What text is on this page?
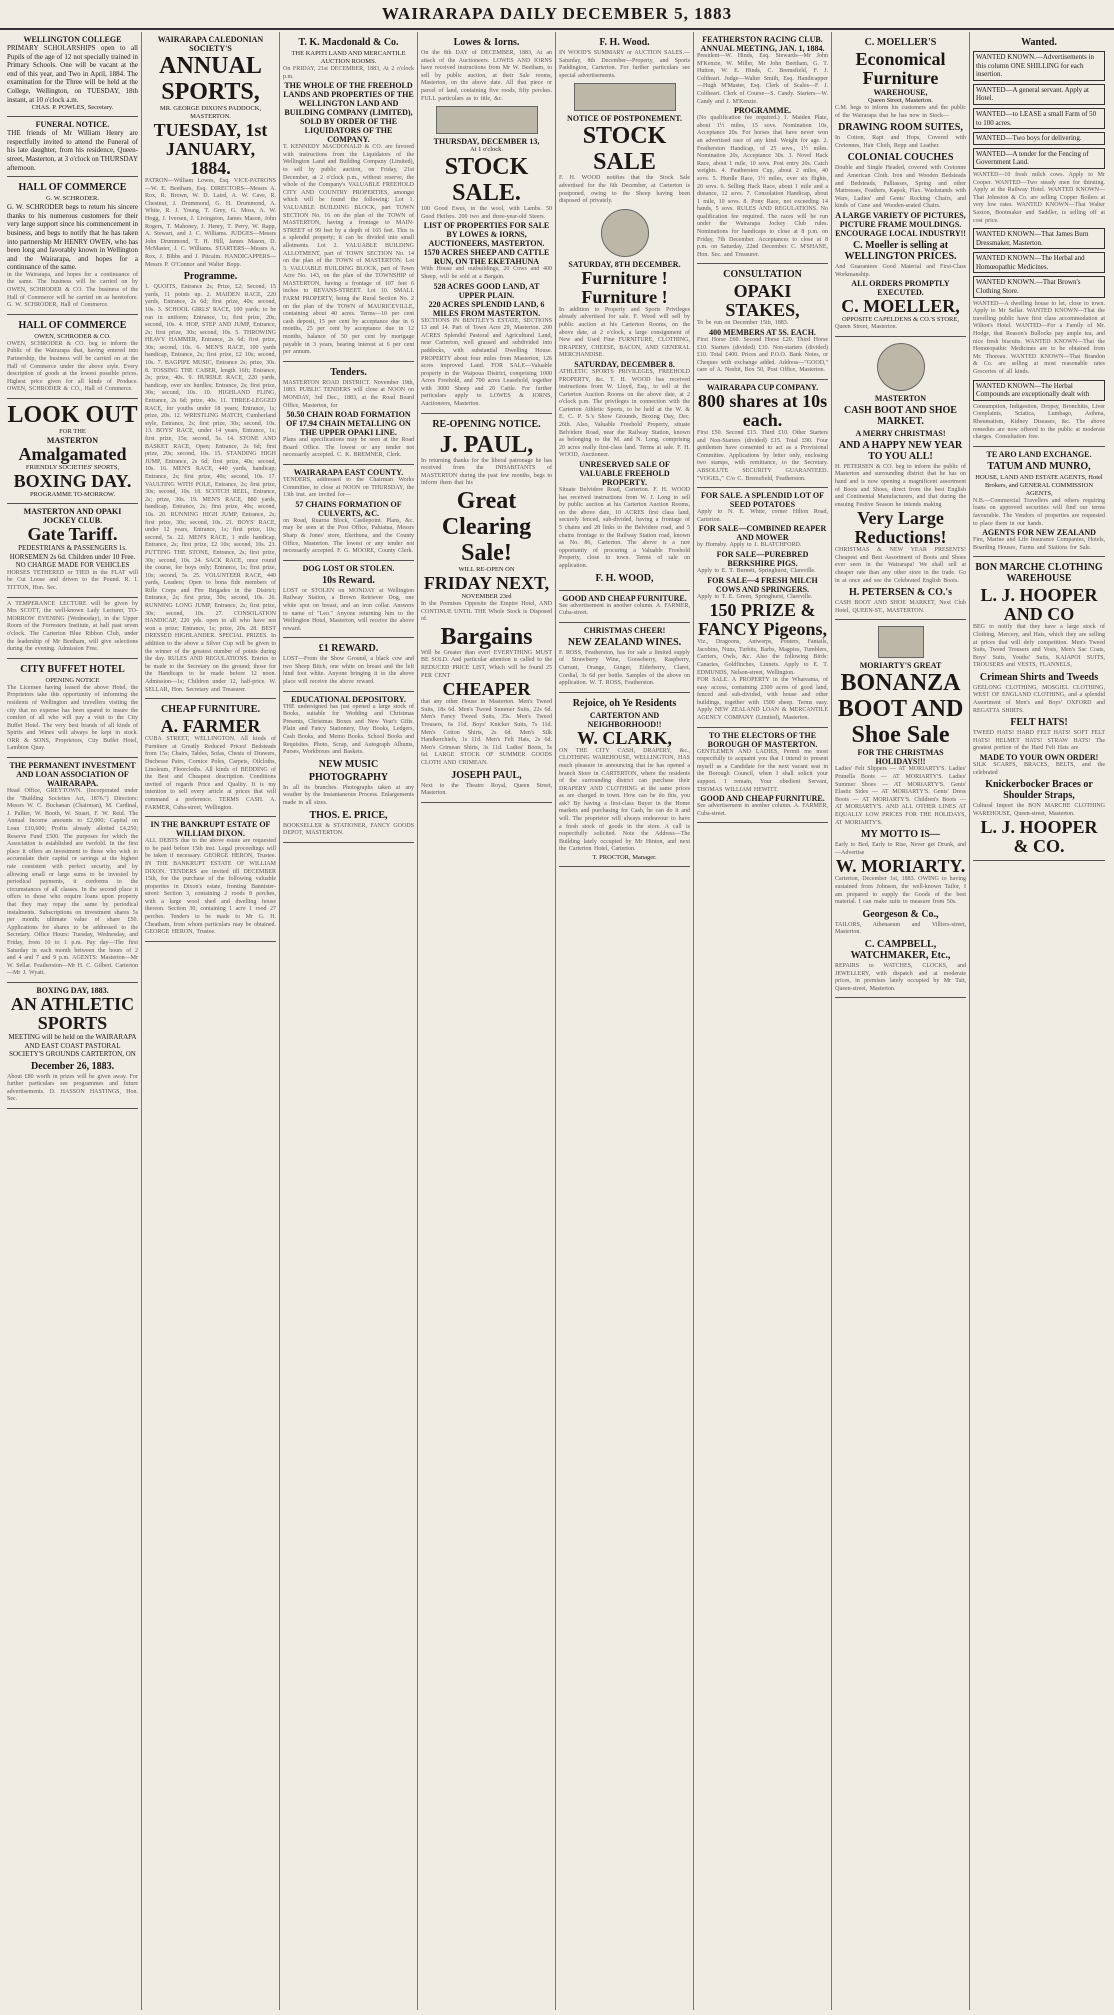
WAIRARAPA DAILY DECEMBER 5, 1883
WELLINGTON COLLEGE
PRIMARY SCHOLARSHIPS open to all Pupils of the age of 12 not specially trained in Primary Schools. One will be vacant at the end of this year, and Two in April, 1884. The examination for the Three will be held at the College, Wellington, on TUESDAY, 18th instant, at 10 o'clock a.m.
CHAS. P. POWLES, Secretary.
FUNERAL NOTICE.
THE friends of Mr William Henry are respectfully invited to attend the Funeral of his late daughter, from his residence, Queen-street, Masterton, at 3 o'clock on THURSDAY afternoon.
HALL OF COMMERCE
G. W. SCHRODER.
G. W. SCHRODER begs to return his sincere thanks to his numerous customers for their very large support since his commencement in business, and begs to notify that he has taken into partnership Mr HENRY OWEN, who has been long and favorably known in Wellington and the Wairarapa, and hopes for a continuance of the same.
in the Wairarapa, and hopes for a continuance of the same. The business will be carried on by OWEN, SCHRODER & CO. The business of the Hall of Commerce will be carried on as heretofore. G. W. SCHRODER, Hall of Commerce.
HALL OF COMMERCE
OWEN, SCHRODER & CO.
OWEN, SCHRODER & CO. beg to inform the Public of the Wairarapa that, having entered into Partnership, the business will be carried on at the Hall of Commerce under the above style. Every description of goods at the lowest possible prices. Highest price given for all kinds of Produce. OWEN, SCHRODER & CO., Hall of Commerce.
LOOK OUT
FOR THE
MASTERTON
Amalgamated
FRIENDLY SOCIETIES' SPORTS,
BOXING DAY.
PROGRAMME TO-MORROW.
MASTERTON AND OPAKI JOCKEY CLUB.
Gate Tariff.
PEDESTRIANS & PASSENGERS 1s. HORSEMEN 2s 6d. Children under 10 Free. NO CHARGE MADE FOR VEHICLES
HORSES TETHERED or TIED in the FLAT will be Cut Loose and driven to the Pound. R. I. TITTON, Hon. Sec.
A TEMPERANCE LECTURE will be given by Mrs SCOTT, the well-known Lady Lecturer, TO-MORROW EVENING (Wednesday), in the Upper Room of the Forresters Institute, at half past seven o'clock. The Carterton Blue Ribbon Club, under the leadership of Mr Beetham, will give selections during the evening. Admission Free.
CITY BUFFET HOTEL
OPENING NOTICE
The Licensee having leased the above Hotel, the Proprietors take this opportunity of informing the residents of Wellington and travellers visiting the city that no expense has been spared to insure the comfort of all who will pay a visit to the City Buffet Hotel. The very best brands of all kinds of Spirits and Wines will always be kept in stock. ORR & SONS, Proprietors, City Buffet Hotel, Lambton Quay.
THE PERMANENT INVESTMENT AND LOAN ASSOCIATION OF WAIRARAPA.
Head Office, GREYTOWN. (Incorporated under the "Building Societies Act, 1876.") Directors: Messrs W. C. Buchanan (Chairman), M. Cardinal, J. Pallier, W. Booth, W. Stuart, F. W. Reid. The Annual Income amounts to £2,000; Capital on Loan £10,600; Profits already allotted £4,250; Reserve Fund £500. The purposes for which the Association is established are twofold. In the first place it offers an investment to those who wish to accumulate their capital or savings at the highest rate consistent with perfect security, and by allowing small or large sums to be invested by periodical payments, it conforms to the circumstances of all classes. In the second place it offers to those who require loans upon property that they may repay the same by periodical instalments. Subscriptions on investment shares 5s per month; ultimate value of share £50. Applications for shares to be addressed to the Secretary. Office Hours: Tuesday, Wednesday, and Friday, from 10 to 1 p.m. Pay day—The first Saturday in each month between the hours of 2 and 4 and 7 and 9 p.m. AGENTS: Masterton—Mr W. Sellar. Featherston—Mr H. C. Gilbert. Carterton—Mr J. Wyatt.
BOXING DAY, 1883.
AN ATHLETIC SPORTS
MEETING will be held on the WAIRARAPA AND EAST COAST PASTORAL SOCIETY'S GROUNDS CARTERTON, ON
December 26, 1883.
About £80 worth in prizes will be given away. For further particulars see programmes and future advertisements. D. HASSON HASTINGS, Hon. Sec.
WAIRARAPA CALEDONIAN SOCIETY'S
ANNUAL SPORTS,
MR. GEORGE DIXON'S PADDOCK, MASTERTON.
TUESDAY, 1st JANUARY, 1884.
PATRON—William Lowes, Esq. VICE-PATRONS—W. E. Beetham, Esq. DIRECTORS—Messrs A. Rox, R. Brown, W. D. Laird, A. W. Cave, R. Chestnut, J. Drummond, G. H. Drummond, A. White, R. J. Young, T. Grey, G. Moss, A. W. Hogg, J. Iversen, J. Livingston, James Mason, John Rogers, T. Mahoney, J. Henry, T. Perry, W. Rapp, A. Stewart, and J. C. Williams. JUDGES—Messrs John Drummond, T. H. Hill, James Mason, D. McMaster, J. C. Williams. STARTERS—Messrs A. Rox, J. Bibbs and J. Pitcaim. HANDICAPPERS—Messrs P. O'Connor and Walter Bopp.
Programme.
1. QUOITS, Entrance 2s; Prize, £2; Second, 15 yards, 11 points up. 2. MAIDEN RACE, 220 yards, Entrance, 2s 6d; first prize, 40s; second, 10s. 3. SCHOOL GIRLS' RACE, 100 yards; to be run in uniform; Entrance, 1s; first prize, 20s; second, 10s. 4. HOP, STEP AND JUMP, Entrance, 2s; first prize, 30s; second, 10s. 5. THROWING HEAVY HAMMER, Entrance, 2s 6d; first prize, 30s; second, 10s. 6. MEN'S RACE, 100 yards handicap, Entrance, 2s; first prize, £2 10s; second, 10s. 7. BAGPIPE MUSIC, Entrance 2s; prize, 30s. 8. TOSSING THE CABER, length 16ft; Entrance, 2s; prize, 40s. 9. HURDLE RACE, 220 yards, handicap, over six hurdles; Entrance, 2s; first prize, 30s; second, 10s. 10. HIGHLAND FLING, Entrance, 2s 6d; prize, 40s. 11. THREE-LEGGED RACE, for youths under 18 years; Entrance, 1s; prize, 20s. 12. WRESTLING MATCH, Cumberland style, Entrance, 2s; first prize, 30s; second, 10s. 13. BOYS' RACE, under 14 years, Entrance, 1s; first prize, 15s; second, 5s. 14. STONE AND BASKET RACE, Open; Entrance, 2s 6d; first prize, 20s; second, 10s. 15. STANDING HIGH JUMP, Entrance, 2s 6d; first prize, 40s; second, 10s. 16. MEN'S RACE, 440 yards, handicap; Entrance, 2s; first prize, 40s; second, 10s. 17. VAULTING WITH POLE, Entrance, 2s; first prize, 30s; second, 10s. 18. SCOTCH REEL, Entrance, 2s; prize, 30s. 19. MEN'S RACE, 880 yards, handicap, Entrance, 2s; first prize, 40s; second, 10s. 20. RUNNING HIGH JUMP, Entrance, 2s; first prize, 30s; second, 10s. 21. BOYS' RACE, under 12 years, Entrance, 1s; first prize, 10s; second, 5s. 22. MEN'S RACE, 1 mile handicap, Entrance, 2s; first prize, £2 10s; second, 10s. 23. PUTTING THE STONE, Entrance, 2s; first prize, 30s; second, 10s. 24. SACK RACE, once round the course, for boys only; Entrance, 1s; first prize, 10s; second, 5s. 25. VOLUNTEER RACE, 440 yards, Leaders; Open to bona fide members of Rifle Corps and Fire Brigades in the District; Entrance, 2s; first prize, 30s; second, 10s. 26. RUNNING LONG JUMP, Entrance, 2s; first prize, 30s; second, 10s. 27. CONSOLATION HANDICAP, 220 yds. open to all who have not won a prize; Entrance, 1s; prize, 20s. 28. BEST DRESSED HIGHLANDER. SPECIAL PRIZES. In addition to the above a Silver Cup will be given to the winner of the greatest number of points during the day. RULES AND REGULATIONS. Entries to be made to the Secretary on the ground; those for the Handicaps to be made before 12 noon. Admission—1s; Children under 12, half-price. W. SELLAR, Hon. Secretary and Treasurer.
CHEAP FURNITURE.
A. FARMER
CUBA STREET, WELLINGTON. All kinds of Furniture at Greatly Reduced Prices! Bedsteads from 15s; Chairs, Tables, Sofas, Chests of Drawers, Duchesse Pairs, Cornice Poles, Carpets, Oilcloths, Linoleum, Floorcloths. All kinds of BEDDING of the Best and Cheapest description. Conditions invited of regards Price and Quality. It is my intention to sell every article at prices that will command a preference. TERMS CASH. A. FARMER, Cuba-street, Wellington.
IN THE BANKRUPT ESTATE OF WILLIAM DIXON.
ALL DEBTS due to the above estate are requested to be paid before 15th inst. Legal proceedings will be taken if necessary. GEORGE HERON, Trustee. IN THE BANKRUPT ESTATE OF WILLIAM DIXON. TENDERS are invited till DECEMBER 15th, for the purchase of the following valuable properties in Dixon's estate, fronting Bannister-street: Section 3, containing 2 roods 8 perches, with a large wool shed and dwelling house thereon. Section 30, containing 1 acre 1 rood 27 perches. Tenders to be made to Mr G. H. Cheatham, from whom particulars may be obtained. GEORGE HERON, Trustee.
T. K. Macdonald & Co.
THE KAPITI LAND AND MERCANTILE AUCTION ROOMS.
On FRIDAY, 21st DECEMBER, 1883, At 2 o'clock p.m.
THE WHOLE OF THE FREEHOLD LANDS AND PROPERTIES OF THE WELLINGTON LAND AND BUILDING COMPANY (LIMITED), SOLD BY ORDER OF THE LIQUIDATORS OF THE COMPANY.
T. KENNEDY MACDONALD & CO. are favored with instructions from the Liquidators of the Wellington Land and Building Company (Limited), to sell by public auction, on Friday, 21st December, at 2 o'clock p.m., without reserve, the whole of the Company's VALUABLE FREEHOLD CITY AND COUNTRY PROPERTIES, amongst which will be found the following: Lot 1. VALUABLE BUILDING BLOCK, part TOWN SECTION No. 16 on the plan of the TOWN of MASTERTON, having a frontage to MAIN-STREET of 99 feet by a depth of 165 feet. This is a splendid property; it can be divided into small allotments. Lot 2. VALUABLE BUILDING ALLOTMENT, part of TOWN SECTION No. 14 on the plan of the TOWN of MASTERTON. Lot 3. VALUABLE BUILDING BLOCK, part of Town Acre No. 143, on the plan of the TOWNSHIP of MASTERTON, having a frontage of 107 feet 6 inches to REVANS-STREET. Lot 10. SMALL FARM PROPERTY, being the Rural Section No. 2 on the plan of the TOWN of MAURICEVILLE, containing about 40 acres. Terms—10 per cent cash deposit, 15 per cent by acceptance due in 6 months, 25 per cent by acceptance due in 12 months, balance of 50 per cent by mortgage payable in 3 years, bearing interest at 6 per cent per annum.
Tenders.
MASTERTON ROAD DISTRICT. November 19th, 1883. PUBLIC TENDERS will close at NOON on MONDAY, 3rd Dec., 1883, at the Road Board Office, Masterton, for
50.50 CHAIN ROAD FORMATION OF 17.94 CHAIN METALLING ON THE UPPER OPAKI LINE.
Plans and specifications may be seen at the Road Board Office. The lowest or any tender not necessarily accepted. C. K. BREMNER, Clerk.
WAIRARAPA EAST COUNTY.
TENDERS, addressed to the Chairman Works Committee, to close at NOON on THURSDAY, the 13th inst. are invited for—
57 CHAINS FORMATION OF CULVERTS, &C.
on Road, Ruaroa Block, Castlepoint. Plans, &c. may be seen at the Post Office, Pahiatua, Messrs Sharp & Jones' store, Ekethuna, and the County Office, Masterton. The lowest or any tender not necessarily accepted. F. G. MOORE, County Clerk.
DOG LOST OR STOLEN.
10s Reward.
LOST or STOLEN on MONDAY at Wellington Railway Station, a Brown Retriever Dog, one white spot on breast, and an iron collar. Answers to name of "Leo." Anyone returning him to the Wellington Hotel, Masterton, will receive the above reward.
£1 REWARD.
LOST—From the Show Ground, a black cow and two Sheep Bitch, one white on breast and the left hind foot white. Anyone bringing it to the above place will receive the above reward.
EDUCATIONAL DEPOSITORY.
THE undersigned has just opened a large stock of Books, suitable for Wedding and Christmas Presents, Christmas Boxes and New Year's Gifts. Plain and Fancy Stationery, Day Books, Ledgers, Cash Books, and Memo Books. School Books and Requisites. Photo, Scrap, and Autograph Albums, Purses, Workboxes and Baskets.
NEW MUSIC
PHOTOGRAPHY
In all its branches. Photographs taken at any weather by the Instantaneous Process. Enlargements made in all sizes.
THOS. E. PRICE,
BOOKSELLER & STATIONER, FANCY GOODS DEPOT, MASTERTON.
Lowes & Iorns.
On the 8th DAY of DECEMBER, 1883, At an attack of the Auctioneers. LOWES AND IORNS have received instructions from Mr W. Beetham, to sell by public auction, at their Sale rooms, Masterton, on the above date. All that piece or parcel of land, containing five roods, fifty perches. FULL particulars as to title, &c.
THURSDAY, DECEMBER 13,
At 1 o'clock.
STOCK SALE.
100 Good Ewes, in the wool, with Lambs. 50 Good Heifers. 200 two and three-year-old Steers.
LIST OF PROPERTIES FOR SALE BY LOWES & IORNS, AUCTIONEERS, MASTERTON.
1570 ACRES SHEEP AND CATTLE RUN, ON THE EKETAHUNA
With House and outbuildings, 20 Cows and 400 Sheep, will be sold at a Bargain.
528 ACRES GOOD LAND, AT UPPER PLAIN.
220 ACRES SPLENDID LAND, 6 MILES FROM MASTERTON.
SECTIONS IN BENTLEY'S ESTATE, SECTIONS 13 and 14. Part of Town Acre 29, Masterton. 200 ACRES Splendid Pastoral and Agricultural Land, near Carterton, well grassed and subdivided into paddocks, with substantial Dwelling House. PROPERTY about four miles from Masterton, 126 acres improved Land. FOR SALE—Valuable property in the Waipoua District, comprising 1000 Acres Freehold, and 700 acres Leasehold, together with 3000 Sheep and 20 Cattle. For further particulars apply to LOWES & IORNS, Auctioneers, Masterton.
RE-OPENING NOTICE.
J. PAUL,
In returning thanks for the liberal patronage he has received from the INHABITANTS of MASTERTON during the past few months, begs to inform them that his
Great
Clearing
Sale!
WILL RE-OPEN ON
FRIDAY NEXT,
NOVEMBER 23rd
In the Premises Opposite the Empire Hotel, AND CONTINUE UNTIL THE Whole Stock is Disposed of.
Bargains
Will be Greater than ever! EVERYTHING MUST BE SOLD. And particular attention is called to the REDUCED PRICE LIST, Which will be found 25 PER CENT
CHEAPER
that any other House in Masterton. Men's Tweed Suits, 18s 6d. Men's Tweed Summer Suits, 22s 6d. Men's Fancy Tweed Suits, 35s. Men's Tweed Trousers, 6s 11d. Boys' Knicker Suits, 7s 11d. Men's Cotton Shirts, 2s 6d. Men's Silk Handkerchiefs, 1s 11d. Men's Felt Hats, 2s 6d. Men's Crimean Shirts, 3s 11d. Ladies' Boots, 5s 6d. LARGE STOCK OF SUMMER GOODS CLOTH AND CRIMEAN.
JOSEPH PAUL,
Next to the Theatre Royal, Queen Street, Masterton.
F. H. Wood.
IN WOOD'S SUMMARY or AUCTION SALES.—Saturday, 8th December—Property, and Sports Paddington, Carterton. For further particulars see special advertisements.
NOTICE OF POSTPONEMENT.
STOCK SALE
F. H. WOOD notifies that the Stock Sale advertised for the 6th December, at Carterton is postponed, owing to the Sheep having been disposed of privately.
SATURDAY, 8TH DECEMBER.
Furniture ! Furniture !
In addition to Property and Sports Privileges already advertised for sale. F. Wood will sell by public auction at his Carterton Rooms, on the above date, at 2 o'clock, a large consignment of New and Used Fine FURNITURE, CLOTHING, DRAPERY, CHEESE, BACON, AND GENERAL MERCHANDISE.
SATURDAY, DECEMBER 8.
ATHLETIC SPORTS PRIVILEGES, FREEHOLD PROPERTY, &c. T. H. WOOD has received instructions from W. Lloyd, Esq., to sell at the Carterton Auction Rooms on the above date, at 2 o'clock p.m. The privileges in connection with the Carterton Athletic Sports, to be held at the W. & E. C. P. S.'s Show Grounds, Boxing Day, Dec. 26th. Also, Valuable Freehold Property, situate Belvidere Road, near the Railway Station, known as belonging to the M. and N. Long, comprising 20 acres really first-class land. Terms at sale. F. H. WOOD, Auctioneer.
UNRESERVED SALE OF VALUABLE FREEHOLD PROPERTY.
Situate Belvidere Road, Carterton. F. H. WOOD has received instructions from W. J. Long to sell by public auction at his Carterton Auction Rooms, on the above date, 10 ACRES first class land, securely fenced, sub-divided, having a frontage of 5 chains and 28 links to the Belvidere road, and 5 chains frontage to the Railway Station road, known as No. 86, Carterton. The above is a rare opportunity of procuring a Valuable Freehold Property, close to town. Terms of sale on application.
F. H. WOOD,
GOOD AND CHEAP FURNITURE.
See advertisement in another column. A. FARMER, Cuba-street.
CHRISTMAS CHEER!
NEW ZEALAND WINES.
F. ROSS, Featherston, has for sale a limited supply of Strawberry Wine, Gooseberry, Raspberry, Currant, Orange, Ginger, Elderberry, Claret, Cordial, 3s 6d per bottle. Samples of the above on application. W. T. ROSS, Featherston.
Rejoice, oh Ye Residents
CARTERTON AND NEIGHBORHOOD!!
W. CLARK,
ON THE CITY CASH, DRAPERY, &c., CLOTHING WAREHOUSE, WELLINGTON, HAS much pleasure in announcing that he has opened a branch Store in CARTERTON, where the residents of the surrounding district can purchase their DRAPERY AND CLOTHING at the same prices as are charged in town. How can he do this, you ask? By having a first-class Buyer in the Home markets and purchasing for Cash, he can do it and will. The proprietor will always endeavour to have a fresh stock of goods in the store. A call is respectfully solicited. Note the Address—The Building lately occupied by Mr Hinton, and next the Carterton Hotel, Carterton.
T. PROCTOR, Manager.
FEATHERSTON RACING CLUB.
ANNUAL MEETING, JAN. 1, 1884.
President—W. Hinds, Esq. Stewards—Mr John M'Kenzie, W. Miller, Mr John Beetham, G. T. Hutton, W. E. Hinds, C. Bremsfield, F. J. Coltheart. Judge—Walter Smith, Esq. Handicapper—Hugh M'Master, Esq. Clerk of Scales—F. J. Coltheart. Clerk of Course—S. Candy. Starters—W. Candy and J. M'Kenzie.
PROGRAMME.
(No qualification fee required.) 1. Maiden Plate, about 1½ miles, 15 sovs. Nomination 10s, Acceptance 20s. For horses that have never won an advertised race of any kind. Weight for age. 2. Featherston Handicap, of 25 sovs., 1½ miles. Nomination 20s, Acceptance 30s. 3. Novel Hack Race, about 1 mile, 10 sovs. Post entry 20s. Catch weights. 4. Featherston Cup, about 2 miles, 40 sovs. 5. Hurdle Race, 1½ miles, over six flights, 20 sovs. 6. Selling Hack Race, about 1 mile and a distance, 12 sovs. 7. Consolation Handicap, about 1 mile, 10 sovs. 8. Pony Race, not exceeding 14 hands, 5 sovs. RULES AND REGULATIONS. No qualification fee required. The races will be run under the Wairarapa Jockey Club rules. Nominations for handicaps to close at 8 p.m. on Friday, 7th December. Acceptances to close at 8 p.m. on Saturday, 22nd December. C. M'SHANE, Hon. Sec. and Treasurer.
CONSULTATION
OPAKI STAKES,
To be run on December 15th, 1883.
400 MEMBERS AT 5S. EACH.
First Horse £60. Second Horse £20. Third Horse £10. Starters (divided) £10. Non-starters (divided) £10. Total £400. Prices and P.O.O. Bank Notes, or Cheques with exchange added. Address—"GOOD," care of A. Nesbit, Box 50, Post Office, Masterton.
WAIRARAPA CUP COMPANY.
800 shares at 10s each.
First £50. Second £15. Third £10. Other Starters and Non-Starters (divided) £15. Total £90. Four gentlemen have consented to act as a Provisional Committee. Applications by letter only, enclosing two stamps, with remittance, to the Secretary. ABSOLUTE SECURITY GUARANTEED. "VOGEL," C/o C. Bremsfield, Featherston.
FOR SALE. A SPLENDID LOT OF SEED POTATOES
Apply to N. E. White, corner Hilton Road, Carterton.
FOR SALE—COMBINED REAPER AND MOWER
by Hornsby. Apply to J. BLATCHFORD.
FOR SALE—PUREBRED BERKSHIRE PIGS.
Apply to E. T. Burnett, Springhurst, Clareville.
FOR SALE—4 FRESH MILCH COWS AND SPRINGERS.
Apply to T. E. Green, Springhurst, Clareville.
150 PRIZE & FANCY Pigeons,
Viz., Dragoons, Antwerps, Pouters, Fantails, Jacobins, Nuns, Turbits, Barbs, Magpies, Tumblers, Carriers, Owls, &c. Also the following Birds: Canaries, Goldfinches, Linnets. Apply to E. T. EDMUNDS, Nelson-street, Wellington.
FOR SALE. A PROPERTY in the Whareama, of easy access, containing 2300 acres of good land, fenced and sub-divided, with house and other buildings, together with 1500 sheep. Terms easy. Apply NEW ZEALAND LOAN & MERCANTILE AGENCY COMPANY (Limited), Masterton.
TO THE ELECTORS OF THE BOROUGH OF MASTERTON.
GENTLEMEN AND LADIES, Permit me most respectfully to acquaint you that I intend to present myself as a Candidate for the next vacant seat in the Borough Council, when I shall solicit your support. I remain, Your obedient Servant, THOMAS WILLIAM HEWITT.
GOOD AND CHEAP FURNITURE.
See advertisement in another column. A. FARMER, Cuba-street.
C. MOELLER'S
Economical Furniture
WAREHOUSE,
Queen Street, Masterton.
C.M. begs to inform his customers and the public of the Wairarapa that he has now in Stock—
DRAWING ROOM SUITES,
In Cotton, Rapt and Hops, Covered with Cretonnes, Hair Cloth, Repp and Leather.
COLONIAL COUCHES
Double and Single Headed, covered with Cretonne and American Cloth. Iron and Wooden Bedsteads and Bedsteads, Palliasses, Spring and other Mattresses, Feathers, Kapok, Flax. Washstands with Ware, Ladies' and Gents' Rocking Chairs, and kinds of Cane and Wooden-seated Chairs.
A LARGE VARIETY OF PICTURES, PICTURE FRAME MOULDINGS.
ENCOURAGE LOCAL INDUSTRY!!
C. Moeller is selling at WELLINGTON PRICES.
And Guarantees Good Material and First-Class Workmanship.
ALL ORDERS PROMPTLY EXECUTED.
C. MOELLER,
OPPOSITE CAPELDENS & CO.'S STORE,
Queen Street, Masterton.
MASTERTON
CASH BOOT AND SHOE MARKET.
A MERRY CHRISTMAS!
AND A HAPPY NEW YEAR TO YOU ALL!
H. PETERSEN & CO. beg to inform the public of Masterton and surrounding district that he has on hand and is now opening a magnificent assortment of Boots and Shoes, direct from the best English and Continental Manufacturers, and that during the ensuing Festive Season he intends making
Very Large Reductions!
CHRISTMAS & NEW YEAR PRESENTS! Cheapest and Best Assortment of Boots and Shoes ever seen in the Wairarapa! We shall sell at cheaper rate than any other store in the trade. Go in at once and see the Celebrated English Boots.
H. PETERSEN & CO.'s
CASH BOOT AND SHOE MARKET, Next Club Hotel, QUEEN-ST., MASTERTON.
MORIARTY'S GREAT
BONANZA BOOT AND Shoe Sale
FOR THE CHRISTMAS HOLIDAYS!!!
Ladies' Felt Slippers — AT MORIARTY'S. Ladies' Prunella Boots — AT MORIARTY'S. Ladies' Summer Shoes — AT MORIARTY'S. Gents' Elastic Sides — AT MORIARTY'S. Gents' Dress Boots — AT MORIARTY'S. Children's Boots — AT MORIARTY'S. AND ALL OTHER LINES AT EQUALLY LOW PRICES FOR THE HOLIDAYS, AT MORIARTY'S.
MY MOTTO IS—
Early to Bed, Early to Rise, Never get Drunk, and—Advertise
W. MORIARTY.
Carterton, December 1st, 1883. OWING to having sustained from Johnson, the well-known Tailor, I am prepared to supply the Goods of the best material. I can make suits to measure from 50s.
Georgeson & Co.,
TAILORS, Athenaeum and Villiers-street, Masterton.
C. CAMPBELL, WATCHMAKER, Etc.,
REPAIRS to WATCHES, CLOCKS, and JEWELLERY, with dispatch and at moderate prices, in premises lately occupied by Mr Tait, Queen-street, Masterton.
Wanted.
WANTED KNOWN.—Advertisements in this column ONE SHILLING for each insertion.
WANTED—A general servant. Apply at Hotel.
WANTED—to LEASE a small Farm of 50 to 100 acres.
WANTED—Two boys for delivering.
WANTED—A tender for the Fencing of Government Land.
WANTED—10 fresh milch cows. Apply to Mr Cooper. WANTED—Two steady men for thirsting. Apply at the Railway Hotel. WANTED KNOWN—That Johnston & Co. are selling Copper Boilers at very low rates. WANTED KNOWN—That Walter Saxton, Bootmaker and Saddler, is selling off at cost price.
WANTED KNOWN—That James Burn Dressmaker, Masterton.
WANTED KNOWN—The Herbal and Homœopathic Medicines.
WANTED KNOWN.—That Brown's Clothing Store.
WANTED—A dwelling house to let, close to town. Apply to Mr Sellar. WANTED KNOWN—That the travelling public have first class accommodation at Wilton's Hotel. WANTED—For a Family of Mr. Hodge, that Reason's Bullocks pay ample tea, and nice fresh biscuits. WANTED KNOWN—That the Homœopathic Medicines are to be obtained from Mr. Thoreau. WANTED KNOWN—That Brandon & Co. are selling at most reasonable rates Groceries of all kinds.
WANTED KNOWN—The Herbal Compounds are exceptionally dealt with
Consumption, Indigestion, Dropsy, Bronchitis, Liver Complaints, Sciatica, Lumbago, Asthma, Rheumatism, Kidney Diseases, &c. The above remedies are now offered to the public at moderate charges. Consultation free.
TE ARO LAND EXCHANGE.
TATUM AND MUNRO,
HOUSE, LAND AND ESTATE AGENTS, Hotel Brokers, and GENERAL COMMISSION AGENTS,
N.B.—Commercial Travellers and others requiring loans on approved securities will find our terms favourable. The Vendors of properties are requested to place them in our hands.
AGENTS FOR NEW ZEALAND
Fire, Marine and Life Insurance Companies, Hotels, Boarding Houses, Farms and Stations for Sale.
BON MARCHE CLOTHING WAREHOUSE
L. J. HOOPER AND CO
BEG to notify that they have a large stock of Clothing, Mercery, and Hats, which they are selling at prices that will defy competition. Men's Tweed Suits, Tweed Trousers and Vests, Men's Sac Coats, Boys' Suits, Youths' Suits, KAIAPOI SUITS, TROUSERS and VESTS, FLANNELS,
Crimean Shirts and Tweeds
GEELONG CLOTHING, MOSGIEL CLOTHING, WEST OF ENGLAND CLOTHING, and a splendid Assortment of Men's and Boys' OXFORD and REGATTA SHIRTS.
FELT HATS!
TWEED HATS! HARD FELT HATS! SOFT FELT HATS! HELMET HATS! STRAW HATS! The greatest portion of the Hard Felt Hats are
MADE TO YOUR OWN ORDER!
SILK SCARFS, BRACES, BELTS, and the celebrated
Knickerbocker Braces or Shoulder Straps,
Cultural Import the BON MARCHE CLOTHING WAREHOUSE, Queen-street, Masterton.
L. J. HOOPER & CO.
